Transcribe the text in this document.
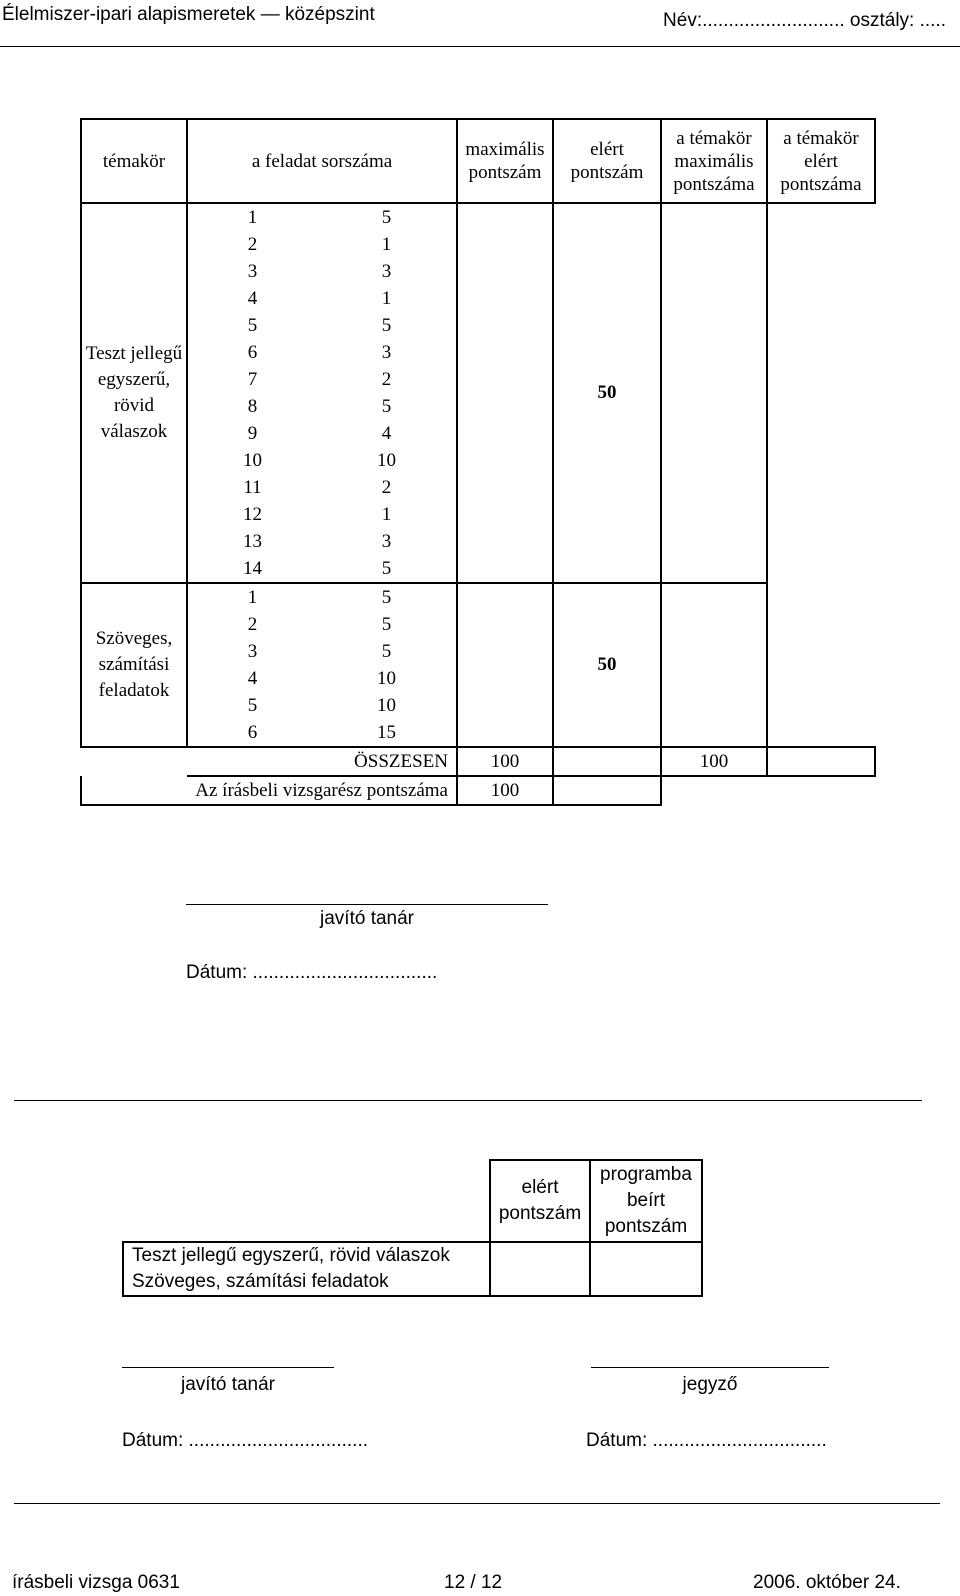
Élelmiszer-ipari alapismeretek — középszint	Név:........................... osztály: .....
témakör	a feladat sorszáma		maximális pontszám	elért pontszám	a témakör maximális pontszáma	a témakör elért pontszáma
Teszt jellegű egyszerű, rövid válaszok	1	5		50		
	2	1				
	3	3				
	4	1				
	5	5				
	6	3				
	7	2				
	8	5				
	9	4				
	10	10				
	11	2				
	12	1				
	13	3				
	14	5				
Szöveges, számítási feladatok	1	5		50		
	2	5				
	3	5				
	4	10				
	5	10				
	6	15				
	ÖSSZESEN		100		100	
Az írásbeli vizsgarész pontszáma			100			
javító tanár
Dátum: ...................................
	elért pontszám	programba beírt pontszám
Teszt jellegű egyszerű, rövid válaszok		
Szöveges, számítási feladatok		
javító tanár	jegyző
Dátum: ..................................	Dátum: .................................
írásbeli vizsga 0631	12 / 12	2006. október 24.
